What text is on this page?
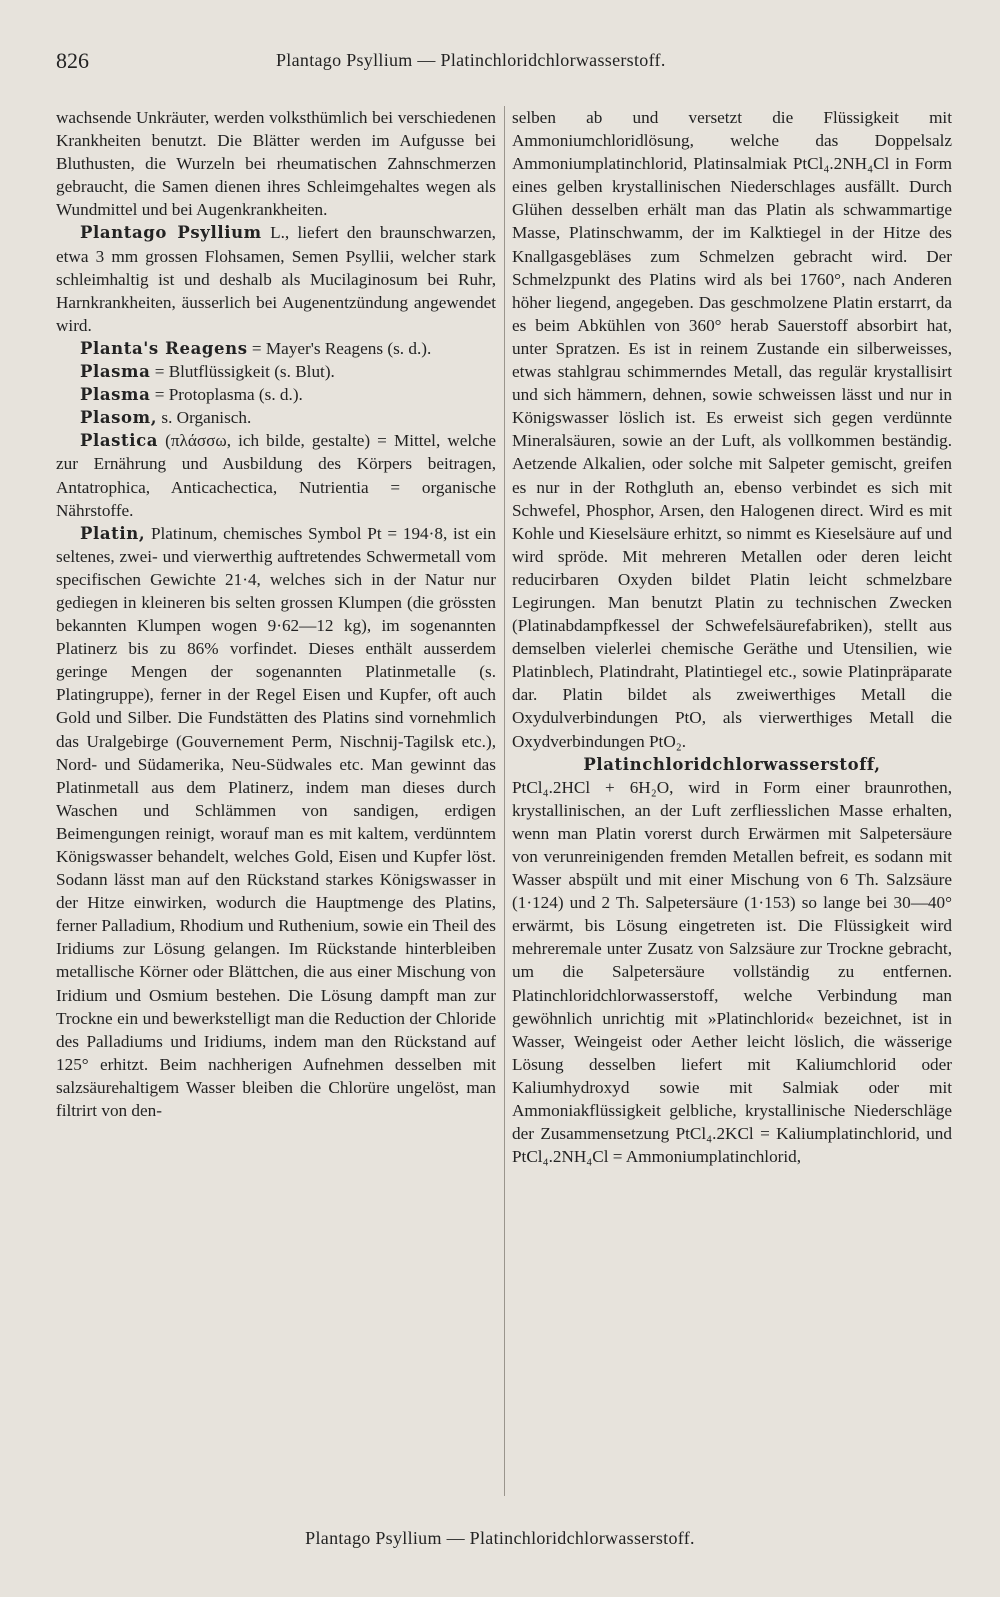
826	Plantago Psyllium — Platinchloridchlorwasserstoff.

wachsende Unkräuter, werden volksthümlich bei verschiedenen Krankheiten benutzt. Die Blätter werden im Aufgusse bei Bluthusten, die Wurzeln bei rheumatischen Zahnschmerzen gebraucht, die Samen dienen ihres Schleimgehaltes wegen als Wundmittel und bei Augenkrankheiten.

Plantago Psyllium L., liefert den braunschwarzen, etwa 3 mm grossen Flohsamen, Semen Psyllii, welcher stark schleimhaltig ist und deshalb als Mucilaginosum bei Ruhr, Harnkrankheiten, äusserlich bei Augenentzündung angewendet wird.

Planta's Reagens = Mayer's Reagens (s. d.).

Plasma = Blutflüssigkeit (s. Blut).

Plasma = Protoplasma (s. d.).

Plasom, s. Organisch.

Plastica (πλάσσω, ich bilde, gestalte) = Mittel, welche zur Ernährung und Ausbildung des Körpers beitragen, Antatrophica, Anticachectica, Nutrientia = organische Nährstoffe.

Platin, Platinum, chemisches Symbol Pt = 194·8, ist ein seltenes, zwei- und vierwerthig auftretendes Schwermetall vom specifischen Gewichte 21·4, welches sich in der Natur nur gediegen in kleineren bis selten grossen Klumpen (die grössten bekannten Klumpen wogen 9·62—12 kg), im sogenannten Platinerz bis zu 86% vorfindet. Dieses enthält ausserdem geringe Mengen der sogenannten Platinmetalle (s. Platingruppe), ferner in der Regel Eisen und Kupfer, oft auch Gold und Silber. Die Fundstätten des Platins sind vornehmlich das Uralgebirge (Gouvernement Perm, Nischnij-Tagilsk etc.), Nord- und Südamerika, Neu-Südwales etc. Man gewinnt das Platinmetall aus dem Platinerz, indem man dieses durch Waschen und Schlämmen von sandigen, erdigen Beimengungen reinigt, worauf man es mit kaltem, verdünntem Königswasser behandelt, welches Gold, Eisen und Kupfer löst. Sodann lässt man auf den Rückstand starkes Königswasser in der Hitze einwirken, wodurch die Hauptmenge des Platins, ferner Palladium, Rhodium und Ruthenium, sowie ein Theil des Iridiums zur Lösung gelangen. Im Rückstande hinterbleiben metallische Körner oder Blättchen, die aus einer Mischung von Iridium und Osmium bestehen. Die Lösung dampft man zur Trockne ein und bewerkstelligt man die Reduction der Chloride des Palladiums und Iridiums, indem man den Rückstand auf 125° erhitzt. Beim nachherigen Aufnehmen desselben mit salzsäurehaltigem Wasser bleiben die Chlorüre ungelöst, man filtrirt von den-

selben ab und versetzt die Flüssigkeit mit Ammoniumchloridlösung, welche das Doppelsalz Ammoniumplatinchlorid, Platinsalmiak PtCl₄.2NH₄Cl in Form eines gelben krystallinischen Niederschlages ausfällt. Durch Glühen desselben erhält man das Platin als schwammartige Masse, Platinschwamm, der im Kalktiegel in der Hitze des Knallgasgebläses zum Schmelzen gebracht wird. Der Schmelzpunkt des Platins wird als bei 1760°, nach Anderen höher liegend, angegeben. Das geschmolzene Platin erstarrt, da es beim Abkühlen von 360° herab Sauerstoff absorbirt hat, unter Spratzen. Es ist in reinem Zustande ein silberweisses, etwas stahlgrau schimmerndes Metall, das regulär krystallisirt und sich hämmern, dehnen, sowie schweissen lässt und nur in Königswasser löslich ist. Es erweist sich gegen verdünnte Mineralsäuren, sowie an der Luft, als vollkommen beständig. Aetzende Alkalien, oder solche mit Salpeter gemischt, greifen es nur in der Rothgluth an, ebenso verbindet es sich mit Schwefel, Phosphor, Arsen, den Halogenen direct. Wird es mit Kohle und Kieselsäure erhitzt, so nimmt es Kieselsäure auf und wird spröde. Mit mehreren Metallen oder deren leicht reducirbaren Oxyden bildet Platin leicht schmelzbare Legirungen. Man benutzt Platin zu technischen Zwecken (Platinabdampfkessel der Schwefelsäurefabriken), stellt aus demselben vielerlei chemische Geräthe und Utensilien, wie Platinblech, Platindraht, Platintiegel etc., sowie Platinpräparate dar. Platin bildet als zweiwerthiges Metall die Oxydulverbindungen PtO, als vierwerthiges Metall die Oxydverbindungen PtO₂.

Platinchloridchlorwasserstoff,

PtCl₄.2HCl + 6H₂O, wird in Form einer braunrothen, krystallinischen, an der Luft zerfliesslichen Masse erhalten, wenn man Platin vorerst durch Erwärmen mit Salpetersäure von verunreinigenden fremden Metallen befreit, es sodann mit Wasser abspült und mit einer Mischung von 6 Th. Salzsäure (1·124) und 2 Th. Salpetersäure (1·153) so lange bei 30—40° erwärmt, bis Lösung eingetreten ist. Die Flüssigkeit wird mehreremale unter Zusatz von Salzsäure zur Trockne gebracht, um die Salpetersäure vollständig zu entfernen. Platinchloridchlorwasserstoff, welche Verbindung man gewöhnlich unrichtig mit »Platinchlorid« bezeichnet, ist in Wasser, Weingeist oder Aether leicht löslich, die wässerige Lösung desselben liefert mit Kaliumchlorid oder Kaliumhydroxyd sowie mit Salmiak oder mit Ammoniakflüssigkeit gelbliche, krystallinische Niederschläge der Zusammensetzung PtCl₄.2KCl = Kaliumplatinchlorid, und PtCl₄.2NH₄Cl = Ammoniumplatinchlorid,

Plantago Psyllium — Platinchloridchlorwasserstoff.
